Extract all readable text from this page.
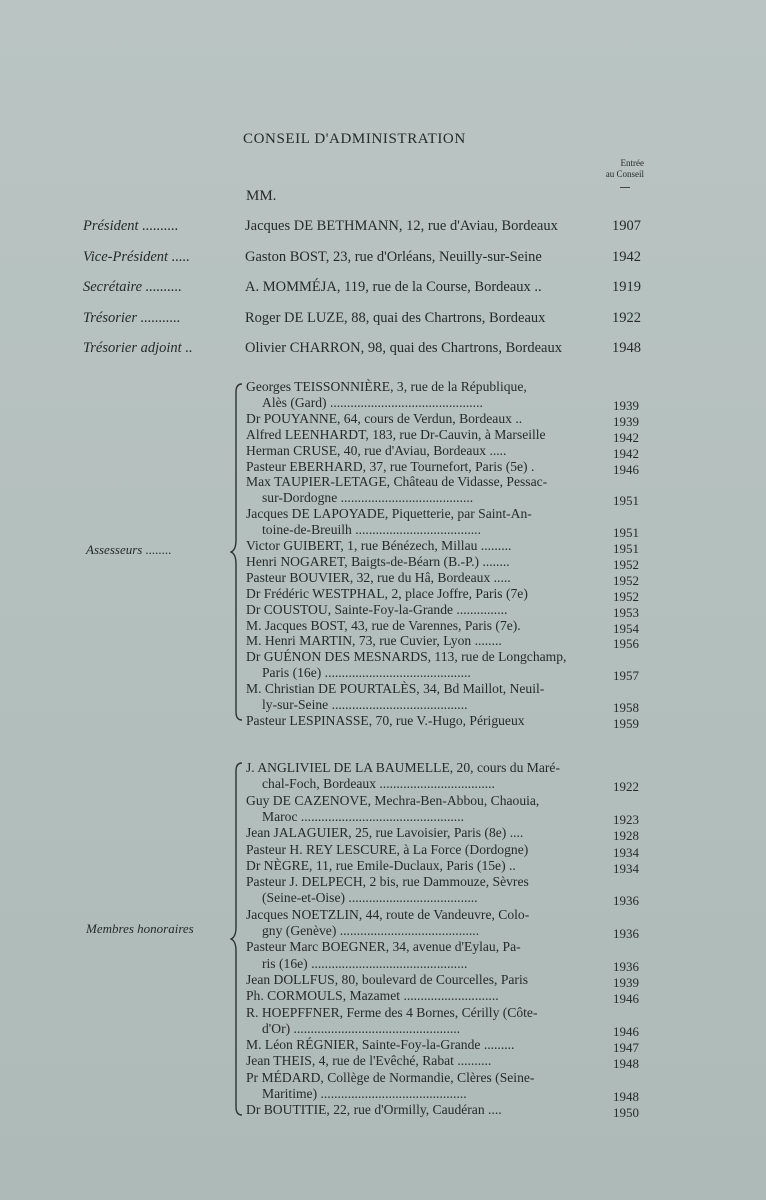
CONSEIL D'ADMINISTRATION
Entrée
au Conseil
MM.
Président ..........	Jacques DE BETHMANN, 12, rue d'Aviau, Bordeaux	1907
Vice-Président .....	Gaston BOST, 23, rue d'Orléans, Neuilly-sur-Seine	1942
Secrétaire ..........	A. MOMMÉJA, 119, rue de la Course, Bordeaux ..	1919
Trésorier ...........	Roger DE LUZE, 88, quai des Chartrons, Bordeaux	1922
Trésorier adjoint ..	Olivier CHARRON, 98, quai des Chartrons, Bordeaux	1948
Assesseurs ........
Georges TEISSONNIÈRE, 3, rue de la République,
Alès (Gard) .............................................	1939
Dr POUYANNE, 64, cours de Verdun, Bordeaux ..	1939
Alfred LEENHARDT, 183, rue Dr-Cauvin, à Marseille	1942
Herman CRUSE, 40, rue d'Aviau, Bordeaux .....	1942
Pasteur EBERHARD, 37, rue Tournefort, Paris (5e) .	1946
Max TAUPIER-LETAGE, Château de Vidasse, Pessac-
sur-Dordogne .......................................	1951
Jacques DE LAPOYADE, Piquetterie, par Saint-An-
toine-de-Breuilh .....................................	1951
Victor GUIBERT, 1, rue Bénézech, Millau .........	1951
Henri NOGARET, Baigts-de-Béarn (B.-P.) ........	1952
Pasteur BOUVIER, 32, rue du Hâ, Bordeaux .....	1952
Dr Frédéric WESTPHAL, 2, place Joffre, Paris (7e)	1952
Dr COUSTOU, Sainte-Foy-la-Grande ...............	1953
M. Jacques BOST, 43, rue de Varennes, Paris (7e).	1954
M. Henri MARTIN, 73, rue Cuvier, Lyon ........	1956
Dr GUÉNON DES MESNARDS, 113, rue de Longchamp,
Paris (16e) ...........................................	1957
M. Christian DE POURTALÈS, 34, Bd Maillot, Neuil-
ly-sur-Seine ........................................	1958
Pasteur LESPINASSE, 70, rue V.-Hugo, Périgueux	1959
Membres honoraires
J. ANGLIVIEL DE LA BAUMELLE, 20, cours du Maré-
chal-Foch, Bordeaux ..................................	1922
Guy DE CAZENOVE, Mechra-Ben-Abbou, Chaouia,
Maroc ................................................	1923
Jean JALAGUIER, 25, rue Lavoisier, Paris (8e) ....	1928
Pasteur H. REY LESCURE, à La Force (Dordogne)	1934
Dr NÈGRE, 11, rue Emile-Duclaux, Paris (15e) ..	1934
Pasteur J. DELPECH, 2 bis, rue Dammouze, Sèvres
(Seine-et-Oise) ......................................	1936
Jacques NOETZLIN, 44, route de Vandeuvre, Colo-
gny (Genève) .........................................	1936
Pasteur Marc BOEGNER, 34, avenue d'Eylau, Pa-
ris (16e) ..............................................	1936
Jean DOLLFUS, 80, boulevard de Courcelles, Paris	1939
Ph. CORMOULS, Mazamet ............................	1946
R. HOEPFFNER, Ferme des 4 Bornes, Cérilly (Côte-
d'Or) .................................................	1946
M. Léon RÉGNIER, Sainte-Foy-la-Grande .........	1947
Jean THEIS, 4, rue de l'Evêché, Rabat ..........	1948
Pr MÉDARD, Collège de Normandie, Clères (Seine-
Maritime) ...........................................	1948
Dr BOUTITIE, 22, rue d'Ormilly, Caudéran ....	1950
